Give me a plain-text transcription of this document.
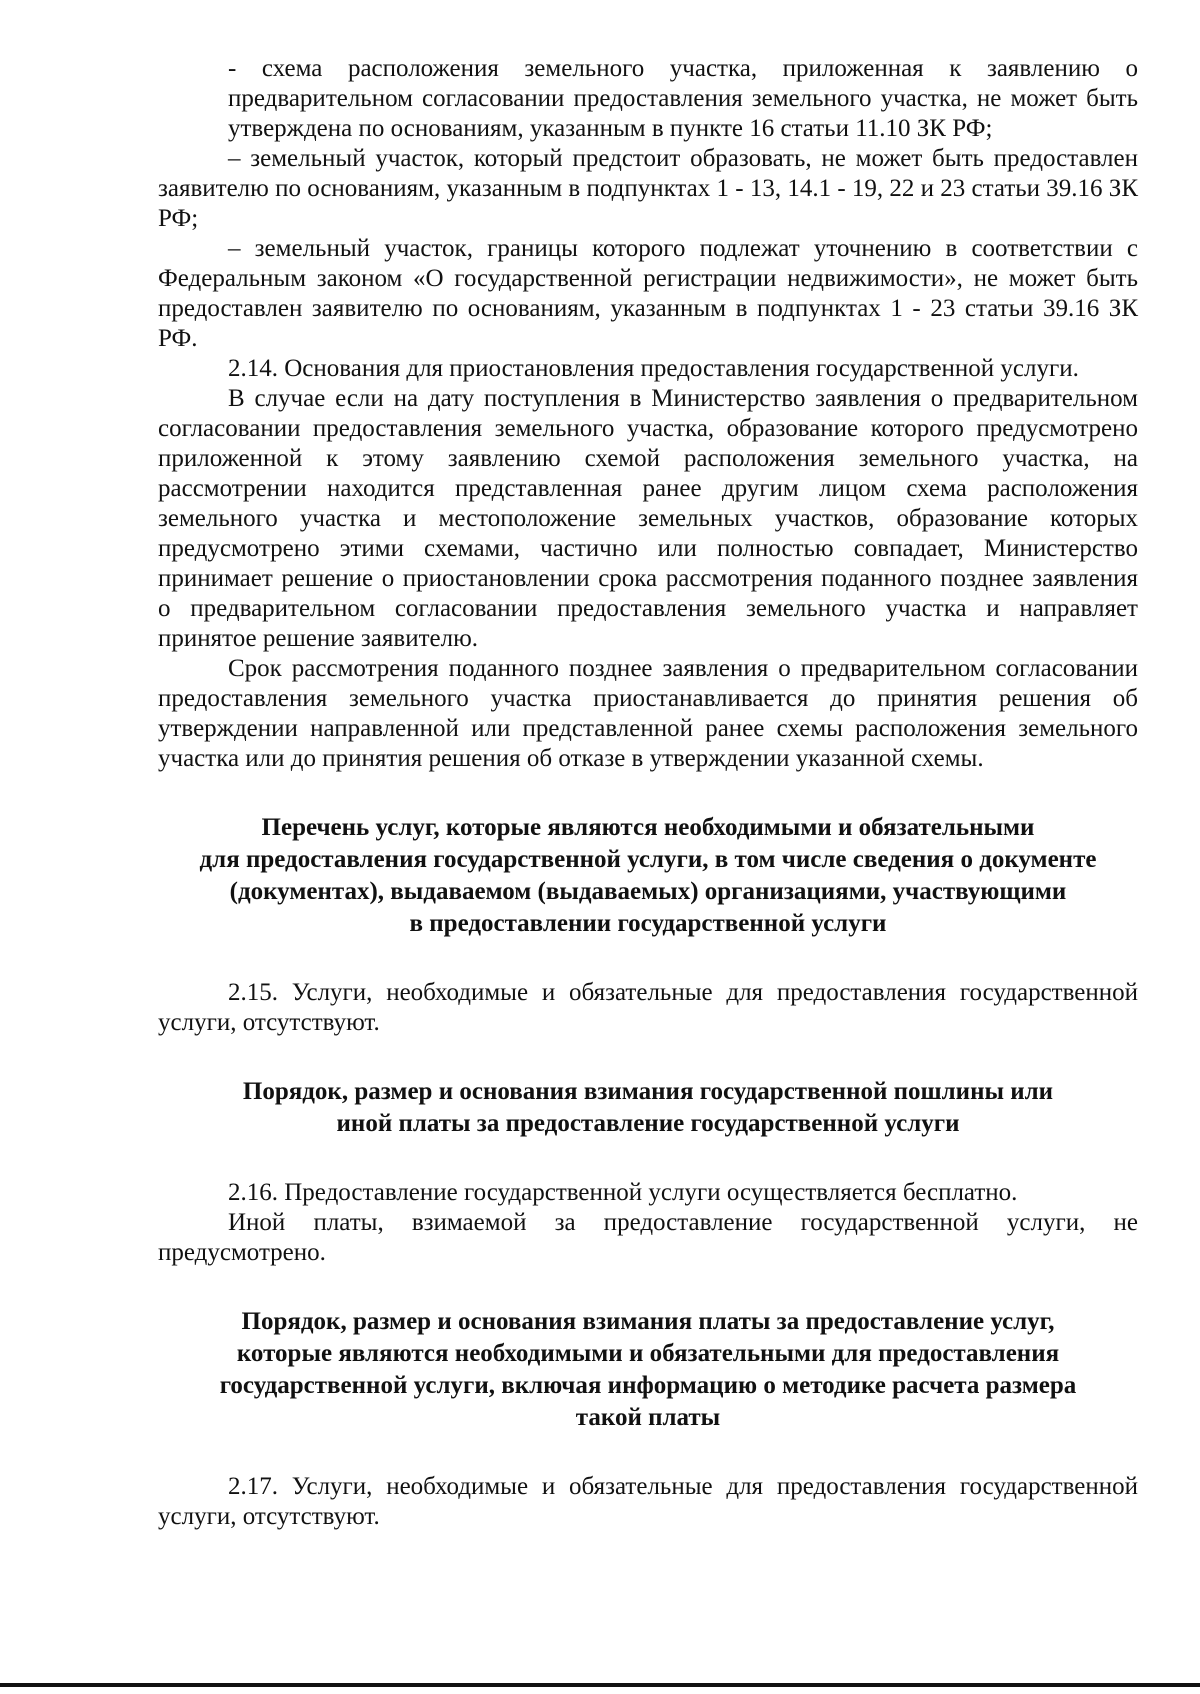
- схема расположения земельного участка, приложенная к заявлению о предварительном согласовании предоставления земельного участка, не может быть утверждена по основаниям, указанным в пункте 16 статьи 11.10 ЗК РФ;

– земельный участок, который предстоит образовать, не может быть предоставлен заявителю по основаниям, указанным в подпунктах 1 - 13, 14.1 - 19, 22 и 23 статьи 39.16 ЗК РФ;

– земельный участок, границы которого подлежат уточнению в соответствии с Федеральным законом «О государственной регистрации недвижимости», не может быть предоставлен заявителю по основаниям, указанным в подпунктах 1 - 23 статьи 39.16 ЗК РФ.

2.14. Основания для приостановления предоставления государственной услуги.

В случае если на дату поступления в Министерство заявления о предварительном согласовании предоставления земельного участка, образование которого предусмотрено приложенной к этому заявлению схемой расположения земельного участка, на рассмотрении находится представленная ранее другим лицом схема расположения земельного участка и местоположение земельных участков, образование которых предусмотрено этими схемами, частично или полностью совпадает, Министерство принимает решение о приостановлении срока рассмотрения поданного позднее заявления о предварительном согласовании предоставления земельного участка и направляет принятое решение заявителю.

Срок рассмотрения поданного позднее заявления о предварительном согласовании предоставления земельного участка приостанавливается до принятия решения об утверждении направленной или представленной ранее схемы расположения земельного участка или до принятия решения об отказе в утверждении указанной схемы.

Перечень услуг, которые являются необходимыми и обязательными
для предоставления государственной услуги, в том числе сведения о документе
(документах), выдаваемом (выдаваемых) организациями, участвующими
в предоставлении государственной услуги

2.15. Услуги, необходимые и обязательные для предоставления государственной услуги, отсутствуют.

Порядок, размер и основания взимания государственной пошлины или
иной платы за предоставление государственной услуги

2.16. Предоставление государственной услуги осуществляется бесплатно.

Иной платы, взимаемой за предоставление государственной услуги, не предусмотрено.

Порядок, размер и основания взимания платы за предоставление услуг,
которые являются необходимыми и обязательными для предоставления
государственной услуги, включая информацию о методике расчета размера
такой платы

2.17. Услуги, необходимые и обязательные для предоставления государственной услуги, отсутствуют.
